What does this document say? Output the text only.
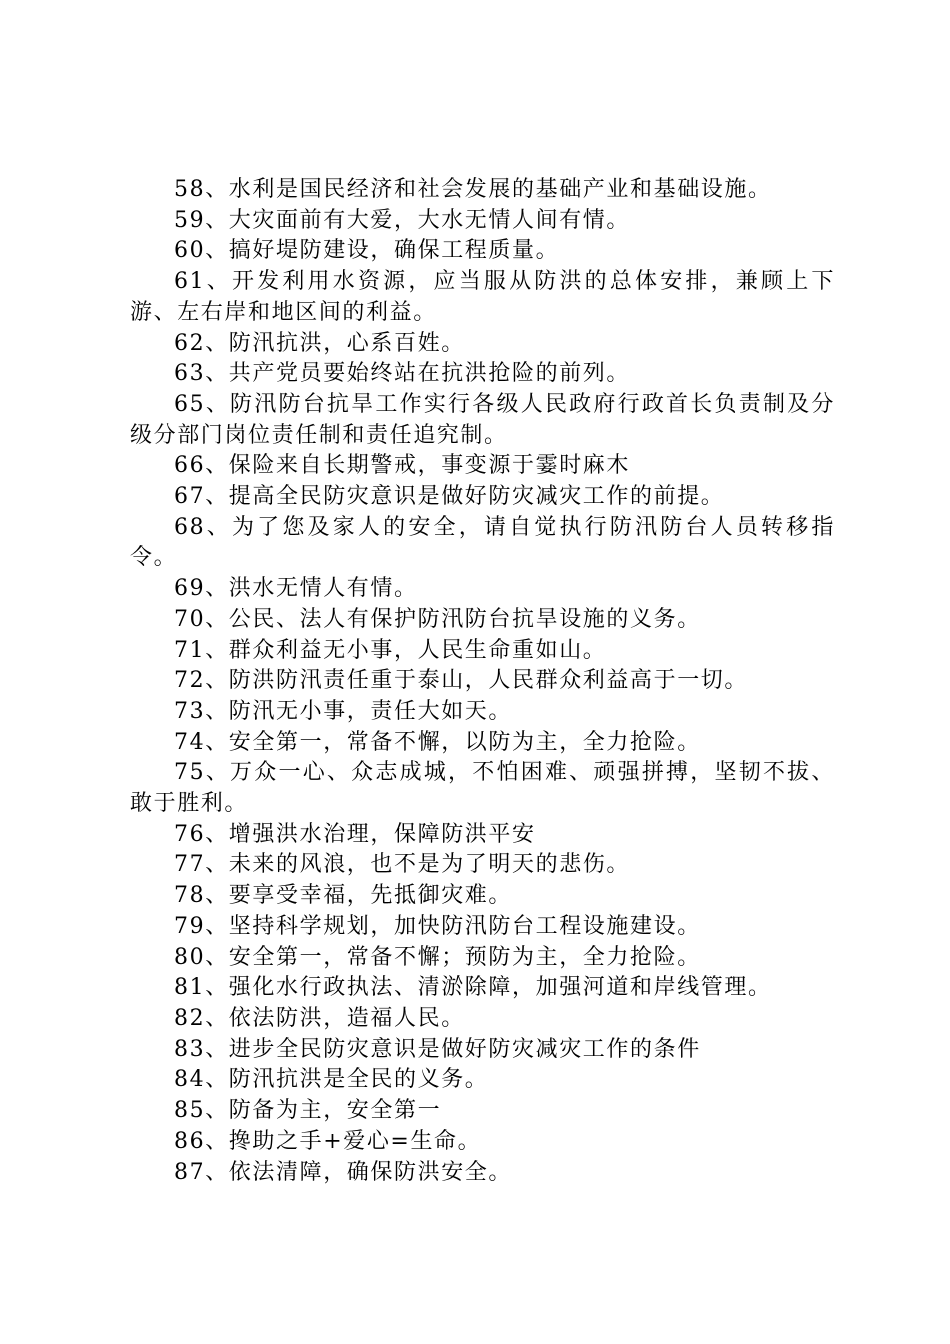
58、水利是国民经济和社会发展的基础产业和基础设施。

59、大灾面前有大爱，大水无情人间有情。

60、搞好堤防建设，确保工程质量。

61、开发利用水资源，应当服从防洪的总体安排，兼顾上下游、左右岸和地区间的利益。

62、防汛抗洪，心系百姓。

63、共产党员要始终站在抗洪抢险的前列。

65、防汛防台抗旱工作实行各级人民政府行政首长负责制及分级分部门岗位责任制和责任追究制。

66、保险来自长期警戒，事变源于霎时麻木

67、提高全民防灾意识是做好防灾减灾工作的前提。

68、为了您及家人的安全，请自觉执行防汛防台人员转移指令。

69、洪水无情人有情。

70、公民、法人有保护防汛防台抗旱设施的义务。

71、群众利益无小事，人民生命重如山。

72、防洪防汛责任重于泰山，人民群众利益高于一切。

73、防汛无小事，责任大如天。

74、安全第一，常备不懈，以防为主，全力抢险。

75、万众一心、众志成城，不怕困难、顽强拼搏，坚韧不拔、敢于胜利。

76、增强洪水治理，保障防洪平安

77、未来的风浪，也不是为了明天的悲伤。

78、要享受幸福，先抵御灾难。

79、坚持科学规划，加快防汛防台工程设施建设。

80、安全第一，常备不懈；预防为主，全力抢险。

81、强化水行政执法、清淤除障，加强河道和岸线管理。

82、依法防洪，造福人民。

83、进步全民防灾意识是做好防灾减灾工作的条件

84、防汛抗洪是全民的义务。

85、防备为主，安全第一

86、搀助之手+爱心=生命。

87、依法清障，确保防洪安全。
